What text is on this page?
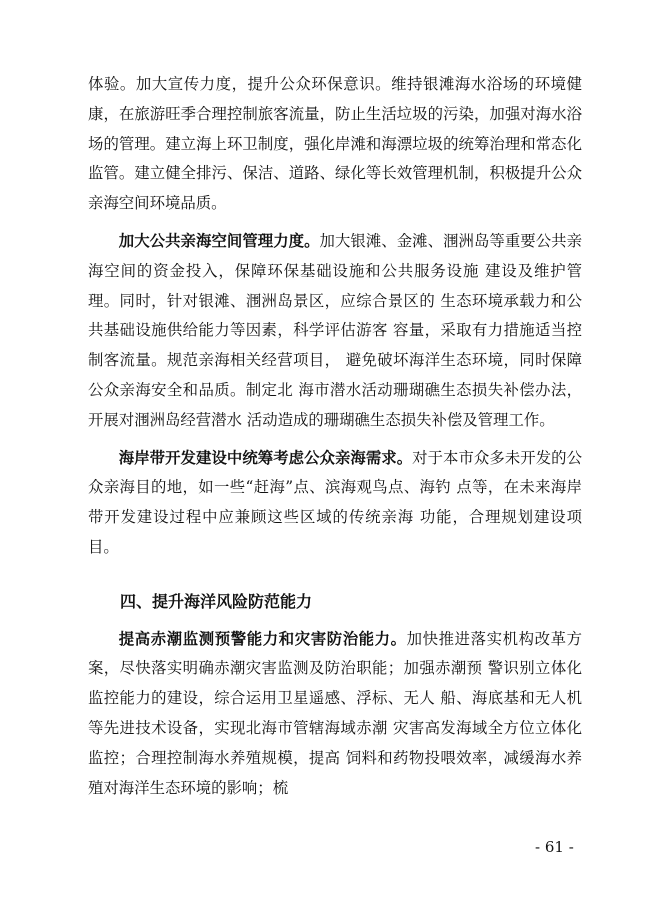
体验。加大宣传力度，提升公众环保意识。维持银滩海水浴场的环境健康，在旅游旺季合理控制旅客流量，防止生活垃圾的污染，加强对海水浴场的管理。建立海上环卫制度，强化岸滩和海漂垃圾的统筹治理和常态化监管。建立健全排污、保洁、道路、绿化等长效管理机制，积极提升公众亲海空间环境品质。

加大公共亲海空间管理力度。加大银滩、金滩、涠洲岛等重要公共亲海空间的资金投入，保障环保基础设施和公共服务设施 建设及维护管理。同时，针对银滩、涠洲岛景区，应综合景区的 生态环境承载力和公共基础设施供给能力等因素，科学评估游客 容量，采取有力措施适当控制客流量。规范亲海相关经营项目， 避免破坏海洋生态环境，同时保障公众亲海安全和品质。制定北 海市潜水活动珊瑚礁生态损失补偿办法，开展对涠洲岛经营潜水 活动造成的珊瑚礁生态损失补偿及管理工作。

海岸带开发建设中统筹考虑公众亲海需求。对于本市众多未开发的公众亲海目的地，如一些“赶海”点、滨海观鸟点、海钓 点等，在未来海岸带开发建设过程中应兼顾这些区域的传统亲海 功能，合理规划建设项目。

四、提升海洋风险防范能力

提高赤潮监测预警能力和灾害防治能力。加快推进落实机构改革方案，尽快落实明确赤潮灾害监测及防治职能；加强赤潮预 警识别立体化监控能力的建设，综合运用卫星遥感、浮标、无人 船、海底基和无人机等先进技术设备，实现北海市管辖海域赤潮 灾害高发海域全方位立体化监控；合理控制海水养殖规模，提高 饲料和药物投喂效率，减缓海水养殖对海洋生态环境的影响；梳

- 61 -
